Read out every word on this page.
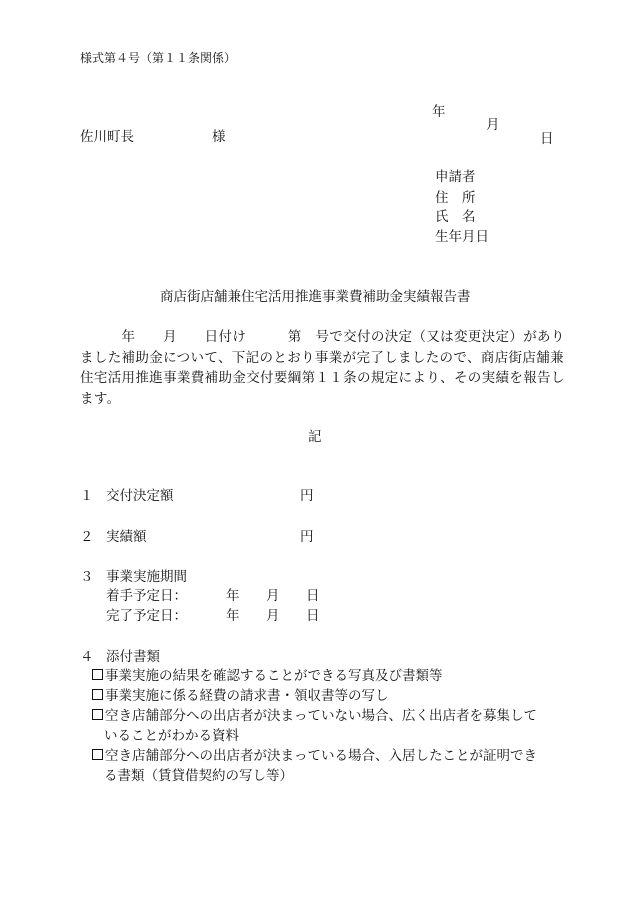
様式第４号（第１１条関係）

年

月

日

佐川町長	様
申請者
住　所
氏　名
生年月日
商店街店舗兼住宅活用推進事業費補助金実績報告書
　　　年　　月　　日付け　　　第　号で交付の決定（又は変更決定）があり
ました補助金について、下記のとおり事業が完了しましたので、商店街店舗兼
住宅活用推進事業費補助金交付要綱第１１条の規定により、その実績を報告し
ます。
記
１ 交付決定額	円
２ 実績額	円
３ 事業実施期間
着手予定日：	年 月 日
完了予定日：	年 月 日
４ 添付書類
事業実施の結果を確認することができる写真及び書類等
事業実施に係る経費の請求書・領収書等の写し
空き店舗部分への出店者が決まっていない場合、広く出店者を募集して
いることがわかる資料
空き店舗部分への出店者が決まっている場合、入居したことが証明でき
る書類（賃貸借契約の写し等）
